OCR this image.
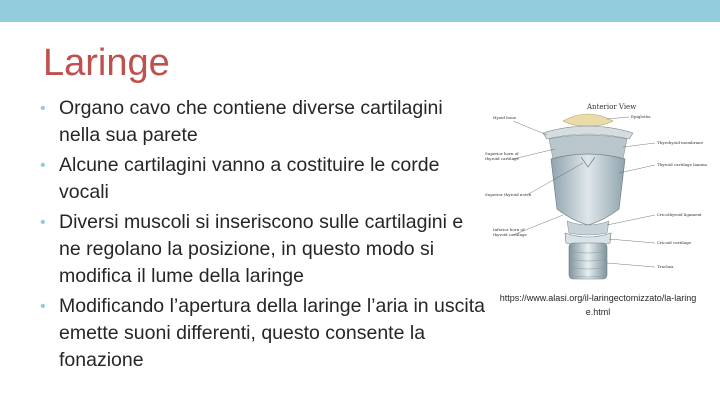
Laringe
• Organo cavo che contiene diverse cartilagini nella sua parete
• Alcune cartilagini vanno a costituire le corde vocali
• Diversi muscoli si inseriscono sulle cartilagini e ne regolano la posizione, in questo modo si modifica il lume della laringe
• Modificando l’apertura della laringe l’aria in uscita emette suoni differenti, questo consente la fonazione
Anterior View
Hyoid bone	Epiglottis
Superior horn of
thyroid cartilage
Thyrohyoid membrane
Thyroid cartilage lamina
Superior thyroid notch
Inferior horn of
thyroid cartilage
Cricothyroid ligament
Cricoid cartilage
Trachea
https://www.alasi.org/il-laringectomizzato/la-laringe.html
